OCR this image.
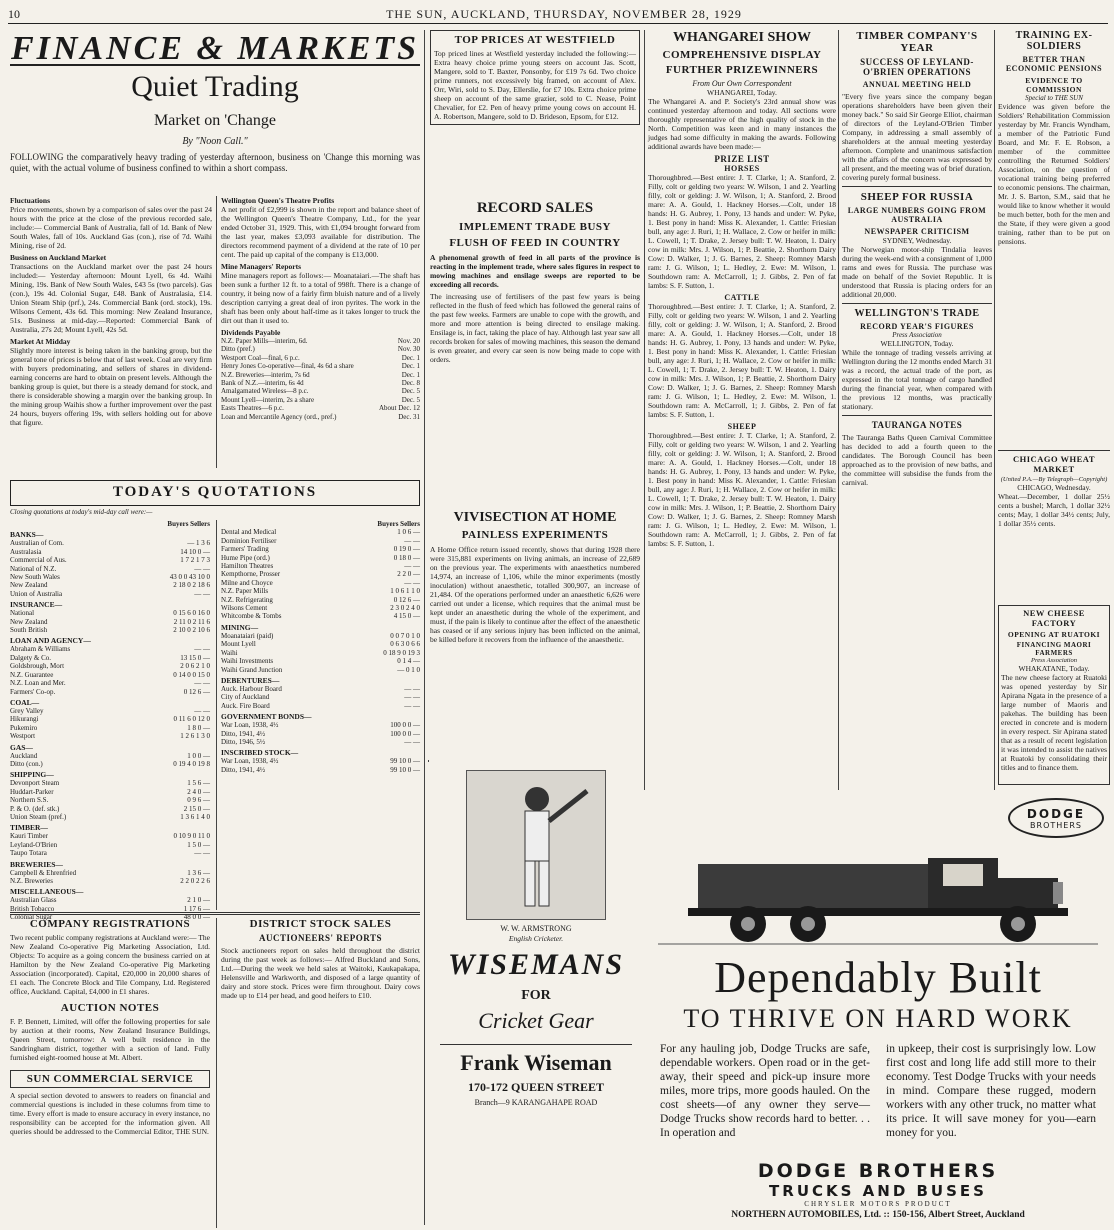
10	THE SUN, AUCKLAND, THURSDAY, NOVEMBER 28, 1929
FINANCE & MARKETS
Quiet Trading
Market on 'Change
By "Noon Call."
FOLLOWING the comparatively heavy trading of yesterday afternoon, business on 'Change this morning was quiet, with the actual volume of business confined to within a short compass.
Fluctuations
Price movements, shown by a comparison of sales over the past 24 hours with the price at the close of the previous recorded sale, include:— Commercial Bank of Australia, fall of 1d. Bank of New South Wales, fall of 10s. Auckland Gas (con.), rise of 7d. Waihi Mining, rise of 2d.
Business on Auckland Market
Transactions on the Auckland market over the past 24 hours included:— Yesterday afternoon: Mount Lyell, 6s 4d. Waihi Mining, 19s. Bank of New South Wales, £43 5s (two parcels). Gas (con.), 19s 4d. Colonial Sugar, £48. Bank of Australasia, £14. Union Steam Ship (prf.), 24s. Commercial Bank (ord. stock), 19s. Wilsons Cement, 43s 6d. This morning: New Zealand Insurance, 51s. Business at mid-day.—Reported: Commercial Bank of Australia, 27s 2d; Mount Lyell, 42s 5d.
Market At Midday
Slightly more interest is being taken in the banking group, but the general tone of prices is below that of last week. Coal are very firm with buyers predominating, and sellers of shares in dividend-earning concerns are hard to obtain on present levels. Although the banking group is quiet, but there is a steady demand for stock, and there is considerable showing a margin over the banking group. In the mining group Waihis show a further improvement over the past 24 hours, buyers offering 19s, with sellers holding out for above that figure.
Wellington Queen's Theatre Profits
A net profit of £2,999 is shown in the report and balance sheet of the Wellington Queen's Theatre Company, Ltd., for the year ended October 31, 1929. This, with £1,094 brought forward from the last year, makes £3,093 available for distribution. The directors recommend payment of a dividend at the rate of 10 per cent. The paid up capital of the company is £13,000.
Mine Managers' Reports
Mine managers report as follows:— Moanataiari.—The shaft has been sunk a further 12 ft. to a total of 998ft. There is a change of country, it being now of a fairly firm bluish nature and of a lively description carrying a great deal of iron pyrites. The work in the shaft has been only about half-time as it takes longer to truck the dirt out than it used to.
Dividends Payable
N.Z. Paper Mills—interim, 6d.	Nov. 20
Ditto (pref.)	Nov. 30
Westport Coal—final, 6 p.c.	Dec. 1
Henry Jones Co-operative—final, 4s 6d a share	Dec. 1
N.Z. Breweries—interim, 7s 6d	Dec. 1
Bank of N.Z.—interim, 6s 4d	Dec. 8
Amalgamated Wireless—8 p.c.	Dec. 5
Mount Lyell—interim, 2s a share	Dec. 5
Easts Theatres—6 p.c.	About Dec. 12
Loan and Mercantile Agency (ord., pref.)	Dec. 31
TODAY'S QUOTATIONS
Closing quotations at today's mid-day call were:—
Buyers Sellers
BANKS—
Australian of Com.	— 1 3 6
Australasia	14 10 0 —
Commercial of Aus.	1 7 2 1 7 3
National of N.Z.	— —
New South Wales	43 0 0 43 10 0
New Zealand	2 18 0 2 18 6
Union of Australia	— —
INSURANCE—
National	0 15 6 0 16 0
New Zealand	2 11 0 2 11 6
South British	2 10 0 2 10 6
LOAN AND AGENCY—
Abraham & Williams	— —
Dalgety & Co.	13 15 0 —
Goldsbrough, Mort	2 0 6 2 1 0
N.Z. Guarantee	0 14 0 0 15 0
N.Z. Loan and Mer.	— —
Farmers' Co-op.	0 12 6 —
COAL—
Grey Valley	— —
Hikurangi	0 11 6 0 12 0
Pukemiro	1 8 0 —
Westport	1 2 6 1 3 0
GAS—
Auckland	1 0 0 —
Ditto (con.)	0 19 4 0 19 8
SHIPPING—
Devonport Steam	1 5 6 —
Huddart-Parker	2 4 0 —
Northern S.S.	0 9 6 —
P. & O. (def. stk.)	2 15 0 —
Union Steam (pref.)	1 3 6 1 4 0
TIMBER—
Kauri Timber	0 10 9 0 11 0
Leyland-O'Brien	1 5 0 —
Taupo Totara	— —
BREWERIES—
Campbell & Ehrenfried	1 3 6 —
N.Z. Breweries	2 2 0 2 2 6
MISCELLANEOUS—
Australian Glass	2 1 0 —
British Tobacco	1 17 6 —
Colonial Sugar	48 0 0 —
Buyers Sellers
Dental and Medical	1 0 6 —
Dominion Fertiliser	— —
Farmers' Trading	0 19 0 —
Hume Pipe (ord.)	0 18 0 —
Hamilton Theatres	— —
Kempthorne, Prosser	2 2 0 —
Milne and Choyce	— —
N.Z. Paper Mills	1 0 6 1 1 0
N.Z. Refrigerating	0 12 6 —
Wilsons Cement	2 3 0 2 4 0
Whitcombe & Tombs	4 15 0 —
MINING—
Moanataiari (paid)	0 0 7 0 1 0
Mount Lyell	0 6 3 0 6 6
Waihi	0 18 9 0 19 3
Waihi Investments	0 1 4 —
Waihi Grand Junction	— 0 1 0
DEBENTURES—
Auck. Harbour Board	— —
City of Auckland	— —
Auck. Fire Board	— —
GOVERNMENT BONDS—
War Loan, 1938, 4½	100 0 0 —
Ditto, 1941, 4½	100 0 0 —
Ditto, 1946, 5½	— —
INSCRIBED STOCK—
War Loan, 1938, 4½	99 10 0 —
Ditto, 1941, 4½	99 10 0 —
COMPANY REGISTRATIONS
Two recent public company registrations at Auckland were:— The New Zealand Co-operative Pig Marketing Association, Ltd. Objects: To acquire as a going concern the business carried on at Hamilton by the New Zealand Co-operative Pig Marketing Association (incorporated). Capital, £20,000 in 20,000 shares of £1 each. The Concrete Block and Tile Company, Ltd. Registered office, Auckland. Capital, £4,000 in £1 shares.
AUCTION NOTES
F. P. Bennett, Limited, will offer the following properties for sale by auction at their rooms, New Zealand Insurance Buildings, Queen Street, tomorrow: A well built residence in the Sandringham district, together with a section of land. Fully furnished eight-roomed house at Mt. Albert.
SUN COMMERCIAL SERVICE
A special section devoted to answers to readers on financial and commercial questions is included in these columns from time to time. Every effort is made to ensure accuracy in every instance, no responsibility can be accepted for the information given. All queries should be addressed to the Commercial Editor, THE SUN.
DISTRICT STOCK SALES
AUCTIONEERS' REPORTS
Stock auctioneers report on sales held throughout the district during the past week as follows:— Alfred Buckland and Sons, Ltd.—During the week we held sales at Waitoki, Kaukapakapa, Helensville and Warkworth, and disposed of a large quantity of dairy and store stock. Prices were firm throughout. Dairy cows made up to £14 per head, and good heifers to £10.
TOP PRICES AT WESTFIELD
Top priced lines at Westfield yesterday included the following:— Extra heavy choice prime young steers on account Jas. Scott, Mangere, sold to T. Baxter, Ponsonby, for £19 7s 6d. Two choice prime runners, not excessively big framed, on account of Alex. Orr, Wiri, sold to S. Day, Ellerslie, for £7 10s. Extra choice prime sheep on account of the same grazier, sold to C. Nease, Point Chevalier, for £2. Pen of heavy prime young cows on account H. A. Robertson, Mangere, sold to D. Brideson, Epsom, for £12.
RECORD SALES
IMPLEMENT TRADE BUSY
FLUSH OF FEED IN COUNTRY
A phenomenal growth of feed in all parts of the province is reacting in the implement trade, where sales figures in respect to mowing machines and ensilage sweeps are reported to be exceeding all records.
The increasing use of fertilisers of the past few years is being reflected in the flush of feed which has followed the general rains of the past few weeks. Farmers are unable to cope with the growth, and more and more attention is being directed to ensilage making. Ensilage is, in fact, taking the place of hay. Although last year saw all records broken for sales of mowing machines, this season the demand is even greater, and every car seen is now being made to cope with orders.
VIVISECTION AT HOME
PAINLESS EXPERIMENTS
A Home Office return issued recently, shows that during 1928 there were 315,881 experiments on living animals, an increase of 22,689 on the previous year. The experiments with anaesthetics numbered 14,974, an increase of 1,106, while the minor experiments (mostly inoculation) without anaesthetic, totalled 300,907, an increase of 21,484. Of the operations performed under an anaesthetic 6,626 were carried out under a license, which requires that the animal must be kept under an anaesthetic during the whole of the experiment, and must, if the pain is likely to continue after the effect of the anaesthetic has ceased or if any serious injury has been inflicted on the animal, be killed before it recovers from the influence of the anaesthetic.
WHANGAREI SHOW
COMPREHENSIVE DISPLAY
FURTHER PRIZEWINNERS
From Our Own Correspondent
WHANGAREI, Today.
The Whangarei A. and P. Society's 23rd annual show was continued yesterday afternoon and today. All sections were thoroughly representative of the high quality of stock in the North. Competition was keen and in many instances the judges had some difficulty in making the awards. Following additional awards have been made:—
PRIZE LIST
HORSES
Thoroughbred.—Best entire: J. T. Clarke, 1; A. Stanford, 2. Filly, colt or gelding two years: W. Wilson, 1 and 2. Yearling filly, colt or gelding: J. W. Wilson, 1; A. Stanford, 2. Brood mare: A. A. Gould, 1. Hackney Horses.—Colt, under 18 hands: H. G. Aubrey, 1. Pony, 13 hands and under: W. Pyke, 1. Best pony in hand: Miss K. Alexander, 1. Cattle: Friesian bull, any age: J. Ruri, 1; H. Wallace, 2. Cow or heifer in milk: L. Cowell, 1; T. Drake, 2. Jersey bull: T. W. Heaton, 1. Dairy cow in milk: Mrs. J. Wilson, 1; P. Beattie, 2. Shorthorn Dairy Cow: D. Walker, 1; J. G. Barnes, 2. Sheep: Romney Marsh ram: J. G. Wilson, 1; L. Hedley, 2. Ewe: M. Wilson, 1. Southdown ram: A. McCarroll, 1; J. Gibbs, 2. Pen of fat lambs: S. F. Sutton, 1.
CATTLE
Thoroughbred.—Best entire: J. T. Clarke, 1; A. Stanford, 2. Filly, colt or gelding two years: W. Wilson, 1 and 2. Yearling filly, colt or gelding: J. W. Wilson, 1; A. Stanford, 2. Brood mare: A. A. Gould, 1. Hackney Horses.—Colt, under 18 hands: H. G. Aubrey, 1. Pony, 13 hands and under: W. Pyke, 1. Best pony in hand: Miss K. Alexander, 1. Cattle: Friesian bull, any age: J. Ruri, 1; H. Wallace, 2. Cow or heifer in milk: L. Cowell, 1; T. Drake, 2. Jersey bull: T. W. Heaton, 1. Dairy cow in milk: Mrs. J. Wilson, 1; P. Beattie, 2. Shorthorn Dairy Cow: D. Walker, 1; J. G. Barnes, 2. Sheep: Romney Marsh ram: J. G. Wilson, 1; L. Hedley, 2. Ewe: M. Wilson, 1. Southdown ram: A. McCarroll, 1; J. Gibbs, 2. Pen of fat lambs: S. F. Sutton, 1.
SHEEP
Thoroughbred.—Best entire: J. T. Clarke, 1; A. Stanford, 2. Filly, colt or gelding two years: W. Wilson, 1 and 2. Yearling filly, colt or gelding: J. W. Wilson, 1; A. Stanford, 2. Brood mare: A. A. Gould, 1. Hackney Horses.—Colt, under 18 hands: H. G. Aubrey, 1. Pony, 13 hands and under: W. Pyke, 1. Best pony in hand: Miss K. Alexander, 1. Cattle: Friesian bull, any age: J. Ruri, 1; H. Wallace, 2. Cow or heifer in milk: L. Cowell, 1; T. Drake, 2. Jersey bull: T. W. Heaton, 1. Dairy cow in milk: Mrs. J. Wilson, 1; P. Beattie, 2. Shorthorn Dairy Cow: D. Walker, 1; J. G. Barnes, 2. Sheep: Romney Marsh ram: J. G. Wilson, 1; L. Hedley, 2. Ewe: M. Wilson, 1. Southdown ram: A. McCarroll, 1; J. Gibbs, 2. Pen of fat lambs: S. F. Sutton, 1.
TIMBER COMPANY'S YEAR
SUCCESS OF LEYLAND-O'BRIEN OPERATIONS
ANNUAL MEETING HELD
"Every five years since the company began operations shareholders have been given their money back." So said Sir George Elliot, chairman of directors of the Leyland-O'Brien Timber Company, in addressing a small assembly of shareholders at the annual meeting yesterday afternoon. Complete and unanimous satisfaction with the affairs of the concern was expressed by all present, and the meeting was of brief duration, covering purely formal business.
SHEEP FOR RUSSIA
LARGE NUMBERS GOING FROM AUSTRALIA
NEWSPAPER CRITICISM
SYDNEY, Wednesday.
The Norwegian motor-ship Tindalia leaves during the week-end with a consignment of 1,000 rams and ewes for Russia. The purchase was made on behalf of the Soviet Republic. It is understood that Russia is placing orders for an additional 20,000.
WELLINGTON'S TRADE
RECORD YEAR'S FIGURES
Press Association
WELLINGTON, Today.
While the tonnage of trading vessels arriving at Wellington during the 12 months ended March 31 was a record, the actual trade of the port, as expressed in the total tonnage of cargo handled during the financial year, when compared with the previous 12 months, was practically stationary.
TAURANGA NOTES
The Tauranga Baths Queen Carnival Committee has decided to add a fourth queen to the candidates. The Borough Council has been approached as to the provision of new baths, and the committee will subsidise the funds from the carnival.
TRAINING EX-SOLDIERS
BETTER THAN ECONOMIC PENSIONS
EVIDENCE TO COMMISSION
Special to THE SUN
Evidence was given before the Soldiers' Rehabilitation Commission yesterday by Mr. Francis Wyndham, a member of the Patriotic Fund Board, and Mr. F. E. Robson, a member of the committee controlling the Returned Soldiers' Association, on the question of vocational training being preferred to economic pensions. The chairman, Mr. J. S. Barton, S.M., said that he would like to know whether it would be much better, both for the men and the State, if they were given a good training, rather than to be put on pensions.
CHICAGO WHEAT MARKET
(United P.A.—By Telegraph—Copyright)
CHICAGO, Wednesday.
Wheat.—December, 1 dollar 25½ cents a bushel; March, 1 dollar 32½ cents; May, 1 dollar 34½ cents; July, 1 dollar 35½ cents.
NEW CHEESE FACTORY
OPENING AT RUATOKI
FINANCING MAORI FARMERS
Press Association
WHAKATANE, Today.
The new cheese factory at Ruatoki was opened yesterday by Sir Apirana Ngata in the presence of a large number of Maoris and pakehas. The building has been erected in concrete and is modern in every respect. Sir Apirana stated that as a result of recent legislation it was intended to assist the natives at Ruatoki by consolidating their titles and to finance them.
DODGE
BROTHERS
Dependably Built
TO THRIVE ON HARD WORK
For any hauling job, Dodge Trucks are safe, dependable workers. Open road or in the get-away, their speed and pick-up insure more miles, more trips, more goods hauled. On the cost sheets—of any owner they serve—Dodge Trucks show records hard to better. . . In operation and
in upkeep, their cost is surprisingly low. Low first cost and long life add still more to their economy. Test Dodge Trucks with your needs in mind. Compare these rugged, modern workers with any other truck, no matter what its price. It will save money for you—earn money for you.
DODGE BROTHERS
TRUCKS AND BUSES
CHRYSLER MOTORS PRODUCT
NORTHERN AUTOMOBILES, Ltd. :: 150-156, Albert Street, Auckland
W. W. ARMSTRONG
English Cricketer.
WISEMANS
FOR
Cricket Gear
Frank Wiseman
170-172 QUEEN STREET
Branch—9 KARANGAHAPE ROAD
